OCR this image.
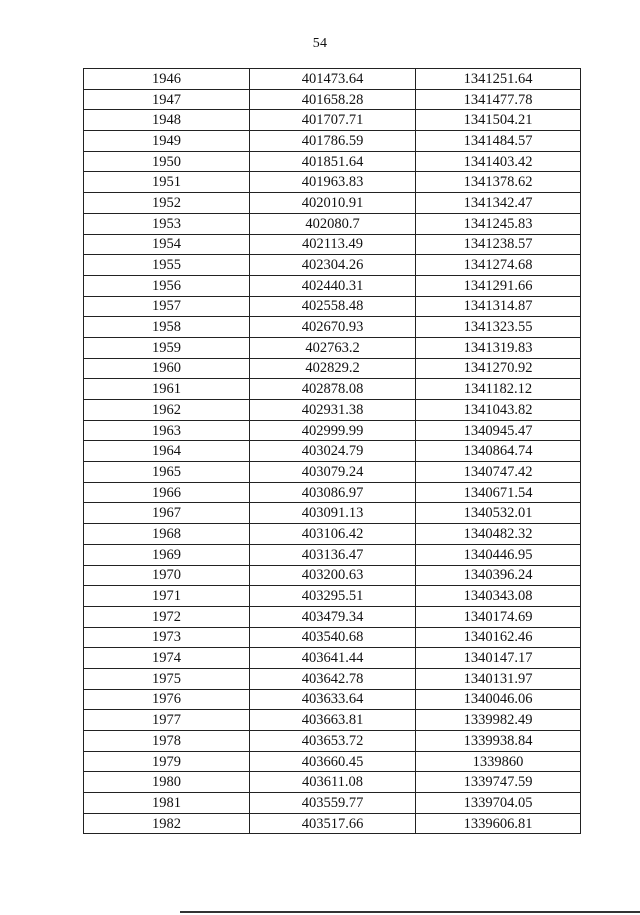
54
1946	401473.64	1341251.64
1947	401658.28	1341477.78
1948	401707.71	1341504.21
1949	401786.59	1341484.57
1950	401851.64	1341403.42
1951	401963.83	1341378.62
1952	402010.91	1341342.47
1953	402080.7	1341245.83
1954	402113.49	1341238.57
1955	402304.26	1341274.68
1956	402440.31	1341291.66
1957	402558.48	1341314.87
1958	402670.93	1341323.55
1959	402763.2	1341319.83
1960	402829.2	1341270.92
1961	402878.08	1341182.12
1962	402931.38	1341043.82
1963	402999.99	1340945.47
1964	403024.79	1340864.74
1965	403079.24	1340747.42
1966	403086.97	1340671.54
1967	403091.13	1340532.01
1968	403106.42	1340482.32
1969	403136.47	1340446.95
1970	403200.63	1340396.24
1971	403295.51	1340343.08
1972	403479.34	1340174.69
1973	403540.68	1340162.46
1974	403641.44	1340147.17
1975	403642.78	1340131.97
1976	403633.64	1340046.06
1977	403663.81	1339982.49
1978	403653.72	1339938.84
1979	403660.45	1339860
1980	403611.08	1339747.59
1981	403559.77	1339704.05
1982	403517.66	1339606.81
